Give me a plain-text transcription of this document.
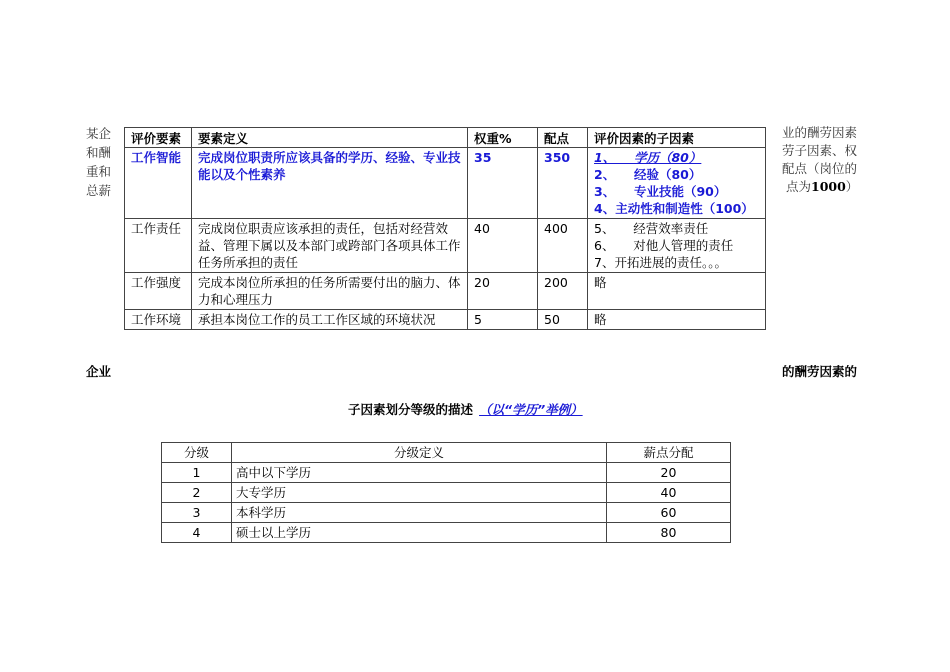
某企和酬重和总薪
业的酬劳因素
劳子因素、权
配点（岗位的
点为1000）
评价要素	要素定义	权重%	配点	评价因素的子因素
工作智能	完成岗位职责所应该具备的学历、经验、专业技能以及个性素养	35	350	1、　　学历（80）
2、　　经验（80）
3、　　专业技能（90）
4、主动性和制造性（100）

工作责任	完成岗位职责应该承担的责任，包括对经营效益、管理下属以及本部门或跨部门各项具体工作任务所承担的责任	40	400	5、　　经营效率责任
6、　　对他人管理的责任
7、开拓进展的责任。。。

工作强度	完成本岗位所承担的任务所需要付出的脑力、体力和心理压力	20	200	略
工作环境	承担本岗位工作的员工工作区域的环境状况	5	50	略
企业	的酬劳因素的
子因素划分等级的描述 （以“学历”举例）
分级	分级定义	薪点分配
1	高中以下学历	20
2	大专学历	40
3	本科学历	60
4	硕士以上学历	80
